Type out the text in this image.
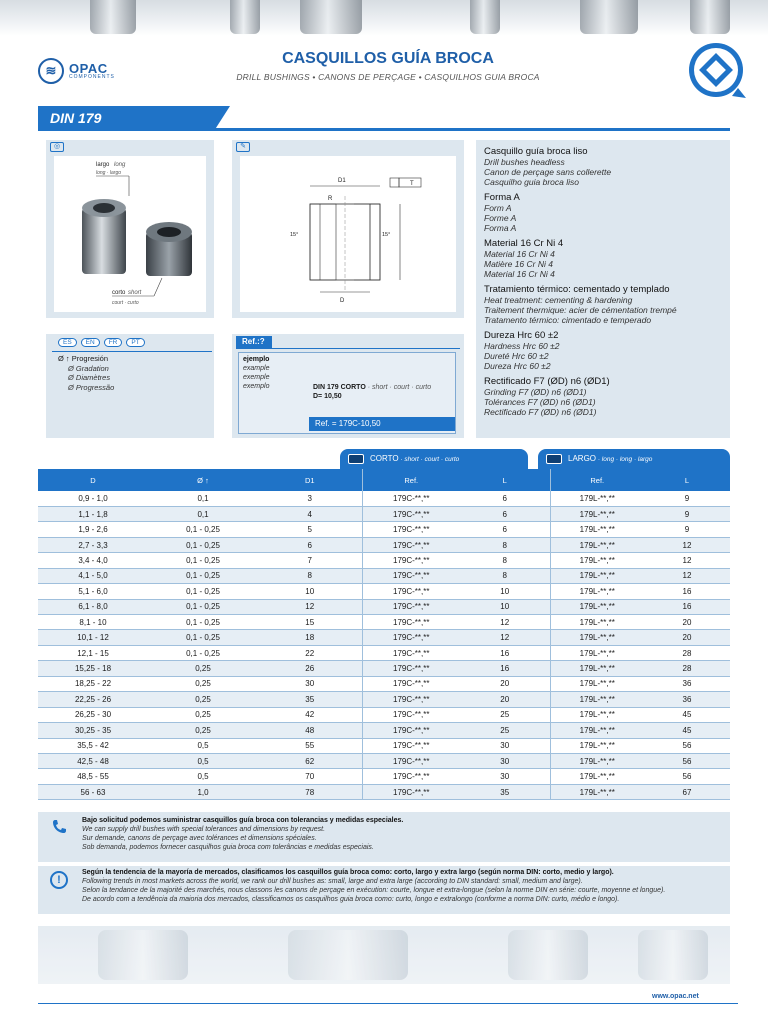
≋ OPAC
COMPONENTS
CASQUILLOS GUÍA BROCA
DRILL BUSHINGS • CANONS DE PERÇAGE • CASQUILHOS GUIA BROCA
DIN 179
◎
largo long
long · largo
corto short
court · curto
✎
D1	T
R
15°	15°
D
Casquillo guía broca liso
Drill bushes headless
Canon de perçage sans collerette
Casquilho guia broca liso
Forma A
Form A
Forme A
Forma A
Material 16 Cr Ni 4
Material 16 Cr Ni 4
Matière 16 Cr Ni 4
Material 16 Cr Ni 4
Tratamiento térmico: cementado y templado
Heat treatment: cementing & hardening
Traitement thermique: acier de cémentation trempé
Tratamento térmico: cimentado e temperado
Dureza Hrc 60 ±2
Hardness Hrc 60 ±2
Dureté Hrc 60 ±2
Dureza Hrc 60 ±2
Rectificado F7 (ØD) n6 (ØD1)
Grinding F7 (ØD) n6 (ØD1)
Tolérances F7 (ØD) n6 (ØD1)
Rectificado F7 (ØD) n6 (ØD1)
ES	EN	FR	PT
Ø ↑ Progresión
Ø Gradation
Ø Diamètres
Ø Progressão
Ref.:?
ejemplo
example
exemple
exemplo	DIN 179 CORTO · short · court · curto
D= 10,50
Ref. = 179C-10,50
CORTO · short · court · curto	LARGO · long · long · largo
D	Ø ↑	D1	Ref.	L	Ref.	L
0,9 - 1,0	0,1	3	179C-**,**	6	179L-**,**	9
1,1 - 1,8	0,1	4	179C-**,**	6	179L-**,**	9
1,9 - 2,6	0,1 - 0,25	5	179C-**,**	6	179L-**,**	9
2,7 - 3,3	0,1 - 0,25	6	179C-**,**	8	179L-**,**	12
3,4 - 4,0	0,1 - 0,25	7	179C-**,**	8	179L-**,**	12
4,1 - 5,0	0,1 - 0,25	8	179C-**,**	8	179L-**,**	12
5,1 - 6,0	0,1 - 0,25	10	179C-**,**	10	179L-**,**	16
6,1 - 8,0	0,1 - 0,25	12	179C-**,**	10	179L-**,**	16
8,1 - 10	0,1 - 0,25	15	179C-**,**	12	179L-**,**	20
10,1 - 12	0,1 - 0,25	18	179C-**,**	12	179L-**,**	20
12,1 - 15	0,1 - 0,25	22	179C-**,**	16	179L-**,**	28
15,25 - 18	0,25	26	179C-**,**	16	179L-**,**	28
18,25 - 22	0,25	30	179C-**,**	20	179L-**,**	36
22,25 - 26	0,25	35	179C-**,**	20	179L-**,**	36
26,25 - 30	0,25	42	179C-**,**	25	179L-**,**	45
30,25 - 35	0,25	48	179C-**,**	25	179L-**,**	45
35,5 - 42	0,5	55	179C-**,**	30	179L-**,**	56
42,5 - 48	0,5	62	179C-**,**	30	179L-**,**	56
48,5 - 55	0,5	70	179C-**,**	30	179L-**,**	56
56 - 63	1,0	78	179C-**,**	35	179L-**,**	67
Bajo solicitud podemos suministrar casquillos guía broca con tolerancias y medidas especiales.
We can supply drill bushes with special tolerances and dimensions by request.
Sur demande, canons de perçage avec tolérances et dimensions spéciales.
Sob demanda, podemos fornecer casquilhos guia broca com tolerâncias e medidas especiais.
!
Según la tendencia de la mayoría de mercados, clasificamos los casquillos guía broca como: corto, largo y extra largo (según norma DIN: corto, medio y largo).
Following trends in most markets across the world, we rank our drill bushes as: small, large and extra large (according to DIN standard: small, medium and large).
Selon la tendance de la majorité des marchés, nous classons les canons de perçage en exécution: courte, longue et extra-longue (selon la norme DIN en série: courte, moyenne et longue).
De acordo com a tendência da maioria dos mercados, classificamos os casquilhos guia broca como: curto, longo e extralongo (conforme a norma DIN: curto, médio e longo).
www.opac.net
